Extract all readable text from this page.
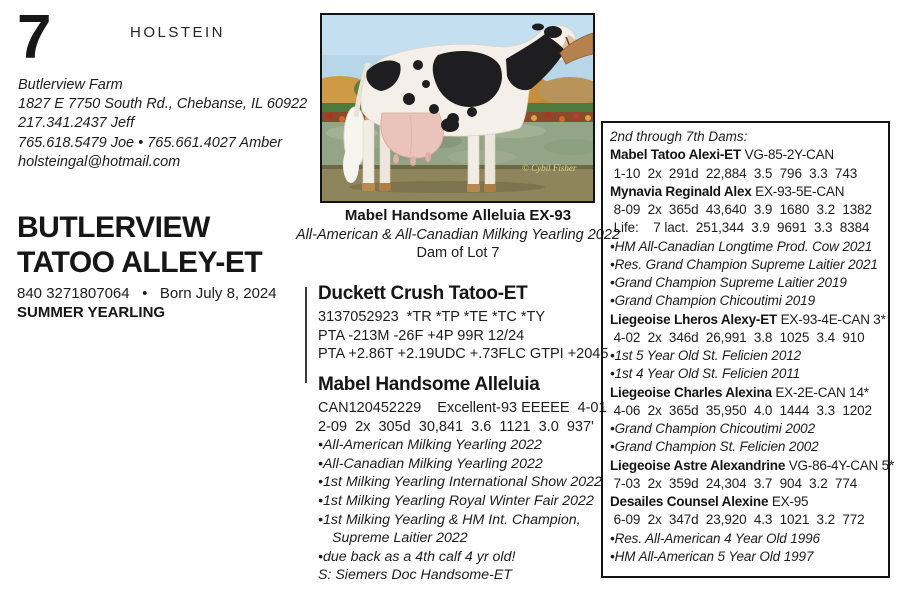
7	HOLSTEIN
Butlerview Farm
1827 E 7750 South Rd., Chebanse, IL 60922
217.341.2437 Jeff
765.618.5479 Joe • 765.661.4027 Amber
holsteingal@hotmail.com
BUTLERVIEW
TATOO ALLEY-ET
840 3271807064   •   Born July 8, 2024
SUMMER YEARLING
© Cybil Fisher
Mabel Handsome Alleluia EX-93
All-American & All-Canadian Milking Yearling 2022
Dam of Lot 7
Duckett Crush Tatoo-ET
3137052923  *TR *TP *TE *TC *TY
PTA -213M -26F +4P 99R 12/24
PTA +2.86T +2.19UDC +.73FLC GTPI +2045
Mabel Handsome Alleluia
CAN120452229    Excellent-93 EEEEE  4-01
2-09  2x  305d  30,841  3.6  1121  3.0  937'
•All-American Milking Yearling 2022
•All-Canadian Milking Yearling 2022
•1st Milking Yearling International Show 2022
•1st Milking Yearling Royal Winter Fair 2022
•1st Milking Yearling & HM Int. Champion, Supreme Laitier 2022
•due back as a 4th calf 4 yr old!
S: Siemers Doc Handsome-ET
2nd through 7th Dams:
Mabel Tatoo Alexi-ET VG-85-2Y-CAN
1-10  2x  291d  22,884  3.5  796  3.3  743
Mynavia Reginald Alex EX-93-5E-CAN
8-09  2x  365d  43,640  3.9  1680  3.2  1382
Life:    7 lact.  251,344  3.9  9691  3.3  8384
•HM All-Canadian Longtime Prod. Cow 2021
•Res. Grand Champion Supreme Laitier 2021
•Grand Champion Supreme Laitier 2019
•Grand Champion Chicoutimi 2019
Liegeoise Lheros Alexy-ET EX-93-4E-CAN 3*
4-02  2x  346d  26,991  3.8  1025  3.4  910
•1st 5 Year Old St. Felicien 2012
•1st 4 Year Old St. Felicien 2011
Liegeoise Charles Alexina EX-2E-CAN 14*
4-06  2x  365d  35,950  4.0  1444  3.3  1202
•Grand Champion Chicoutimi 2002
•Grand Champion St. Felicien 2002
Liegeoise Astre Alexandrine VG-86-4Y-CAN 5*
7-03  2x  359d  24,304  3.7  904  3.2  774
Desailes Counsel Alexine EX-95
6-09  2x  347d  23,920  4.3  1021  3.2  772
•Res. All-American 4 Year Old 1996
•HM All-American 5 Year Old 1997
